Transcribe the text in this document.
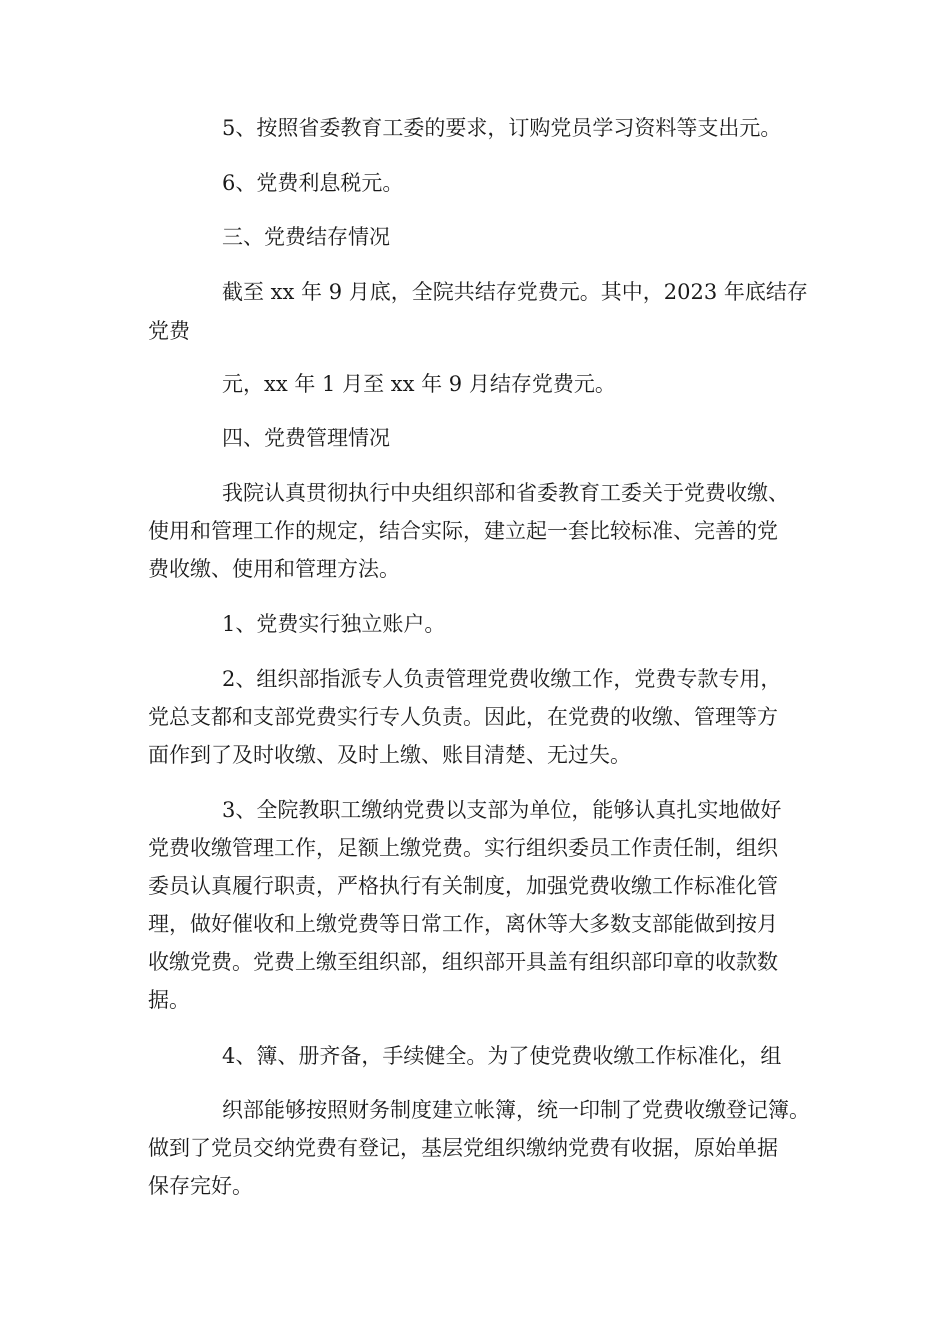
5、按照省委教育工委的要求，订购党员学习资料等支出元。
6、党费利息税元。
三、党费结存情况
截至 xx 年 9 月底，全院共结存党费元。其中，2023 年底结存
党费
元，xx 年 1 月至 xx 年 9 月结存党费元。
四、党费管理情况
我院认真贯彻执行中央组织部和省委教育工委关于党费收缴、
使用和管理工作的规定，结合实际，建立起一套比较标准、完善的党
费收缴、使用和管理方法。
1、党费实行独立账户。
2、组织部指派专人负责管理党费收缴工作，党费专款专用，
党总支都和支部党费实行专人负责。因此，在党费的收缴、管理等方
面作到了及时收缴、及时上缴、账目清楚、无过失。
3、全院教职工缴纳党费以支部为单位，能够认真扎实地做好
党费收缴管理工作，足额上缴党费。实行组织委员工作责任制，组织
委员认真履行职责，严格执行有关制度，加强党费收缴工作标准化管
理，做好催收和上缴党费等日常工作，离休等大多数支部能做到按月
收缴党费。党费上缴至组织部，组织部开具盖有组织部印章的收款数
据。
4、簿、册齐备，手续健全。为了使党费收缴工作标准化，组
织部能够按照财务制度建立帐簿，统一印制了党费收缴登记簿。
做到了党员交纳党费有登记，基层党组织缴纳党费有收据，原始单据
保存完好。
